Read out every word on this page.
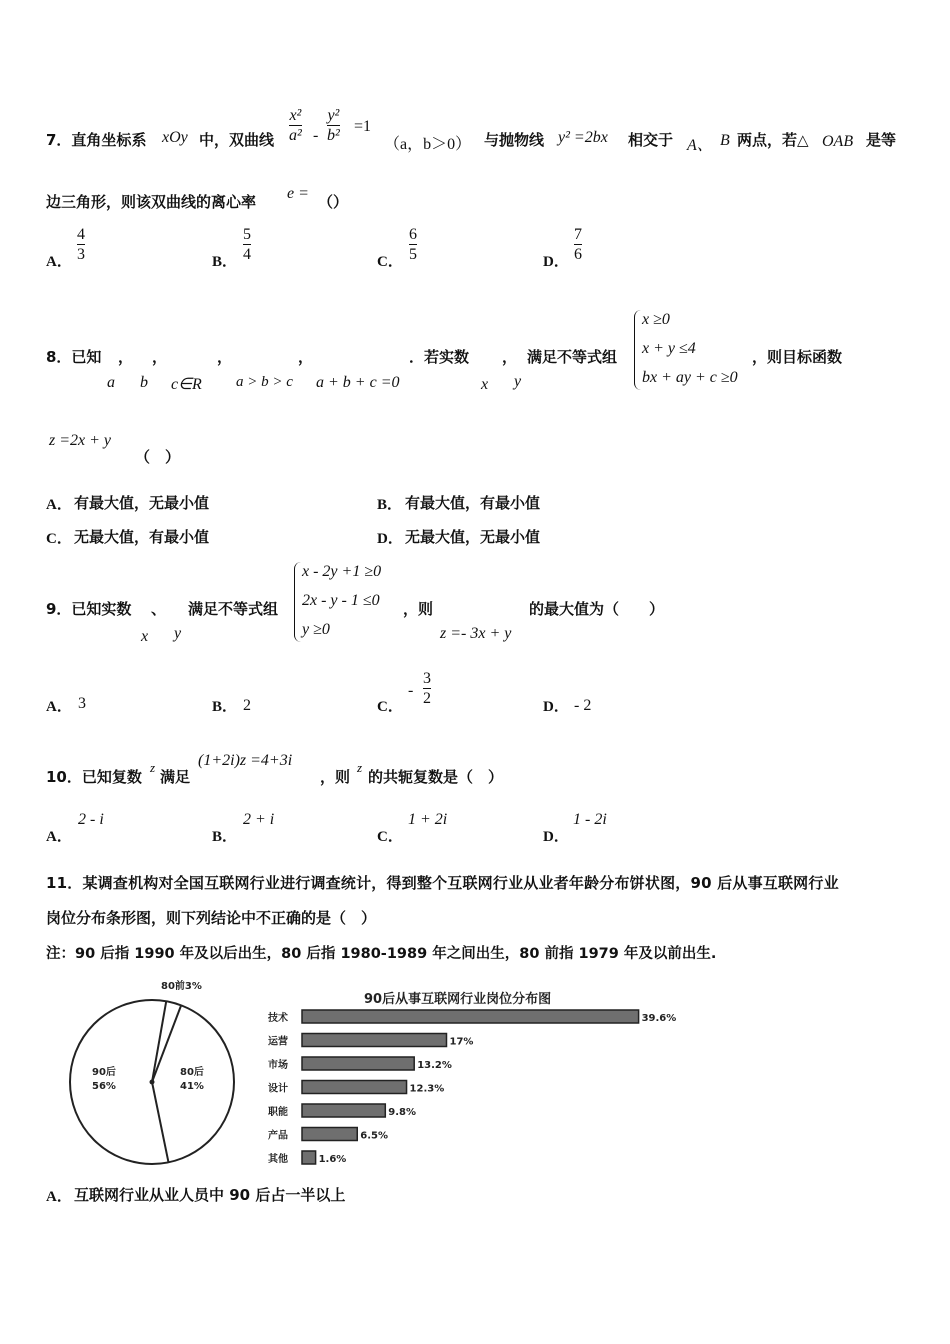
7．直角坐标系 xOy 中，双曲线
x²
a² -
y²
b²
=1
（a，b＞0） 与抛物线 y² =2bx 相交于 A、 B 两点，若△ OAB 是等
边三角形，则该双曲线的离心率 e = （）
A．
4
3	B．
5
4	C．
6
5	D．
7
6
8．已知 ， ，	，	，	．若实数 ， 满足不等式组
a b c∈R a > b > c a + b + c =0	x y
x ≥0
x + y ≤4
bx + ay + c ≥0
，则目标函数
z =2x + y
（　）
A． 有最大值，无最小值	B． 有最大值，有最小值
C． 无最大值，有最小值	D． 无最大值，无最小值
9．已知实数 、 满足不等式组
x y
x - 2y +1 ≥0
2x - y - 1 ≤0
y ≥0
，则
z =- 3x + y
的最大值为（　　）
A． 3	B． 2	C．
-
3
2	D． - 2
10．已知复数
z
满足
(1+2i)z =4+3i
，则
z
的共轭复数是（　）
A．
2 - i
B．
2 + i
C．
1 + 2i
D．
1 - 2i
11．某调查机构对全国互联网行业进行调查统计，得到整个互联网行业从业者年龄分布饼状图，90 后从事互联网行业
岗位分布条形图，则下列结论中不正确的是（　）
注：90 后指 1990 年及以后出生，80 后指 1980-1989 年之间出生，80 前指 1979 年及以前出生.
80前3%
90后
56%
80后
41%
90后从事互联网行业岗位分布图
技术	39.6%
运营	17%
市场	13.2%
设计	12.3%
职能	9.8%
产品	6.5%
其他	1.6%
A． 互联网行业从业人员中 90 后占一半以上
